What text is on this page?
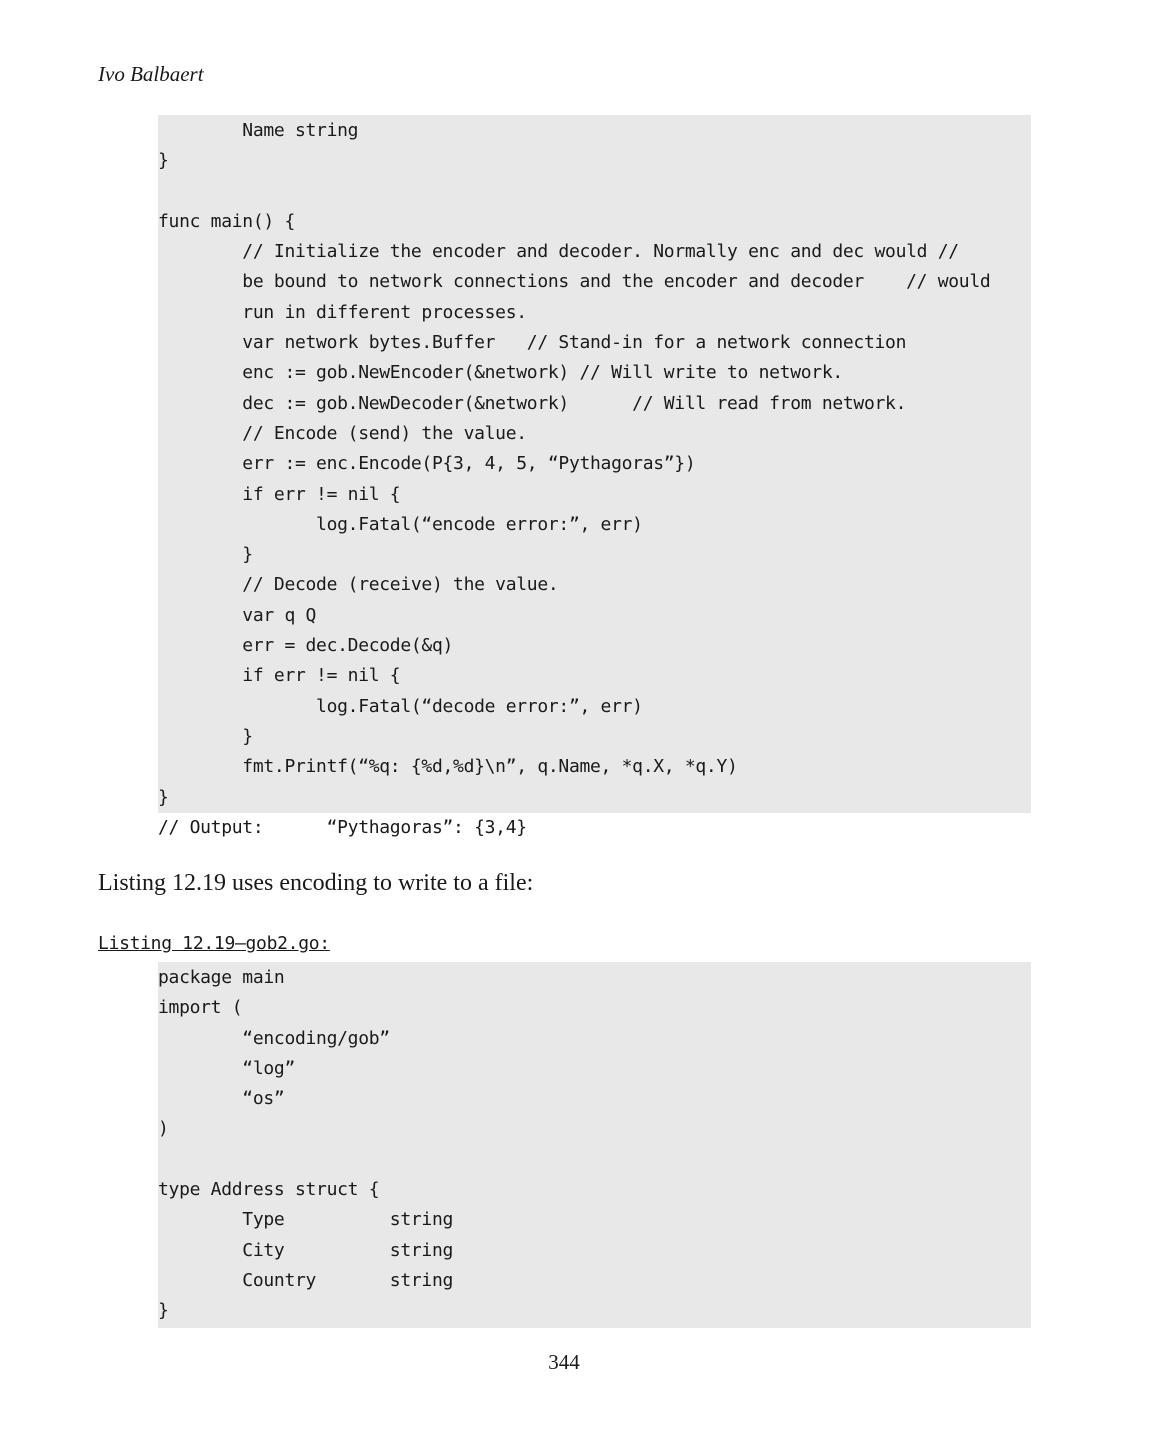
Ivo Balbaert
Name string
}
func main() {
// Initialize the encoder and decoder. Normally enc and dec would //
be bound to network connections and the encoder and decoder    // would
run in different processes.
var network bytes.Buffer   // Stand-in for a network connection
enc := gob.NewEncoder(&network) // Will write to network.
dec := gob.NewDecoder(&network)      // Will read from network.
// Encode (send) the value.
err := enc.Encode(P{3, 4, 5, “Pythagoras”})
if err != nil {
log.Fatal(“encode error:”, err)
}
// Decode (receive) the value.
var q Q
err = dec.Decode(&q)
if err != nil {
log.Fatal(“decode error:”, err)
}
fmt.Printf(“%q: {%d,%d}\n”, q.Name, *q.X, *q.Y)
}
// Output:      “Pythagoras”: {3,4}
Listing 12.19 uses encoding to write to a file:
Listing 12.19—gob2.go:
package main
import (
“encoding/gob”
“log”
“os”
)
type Address struct {
Type          string
City          string
Country       string
}
344
